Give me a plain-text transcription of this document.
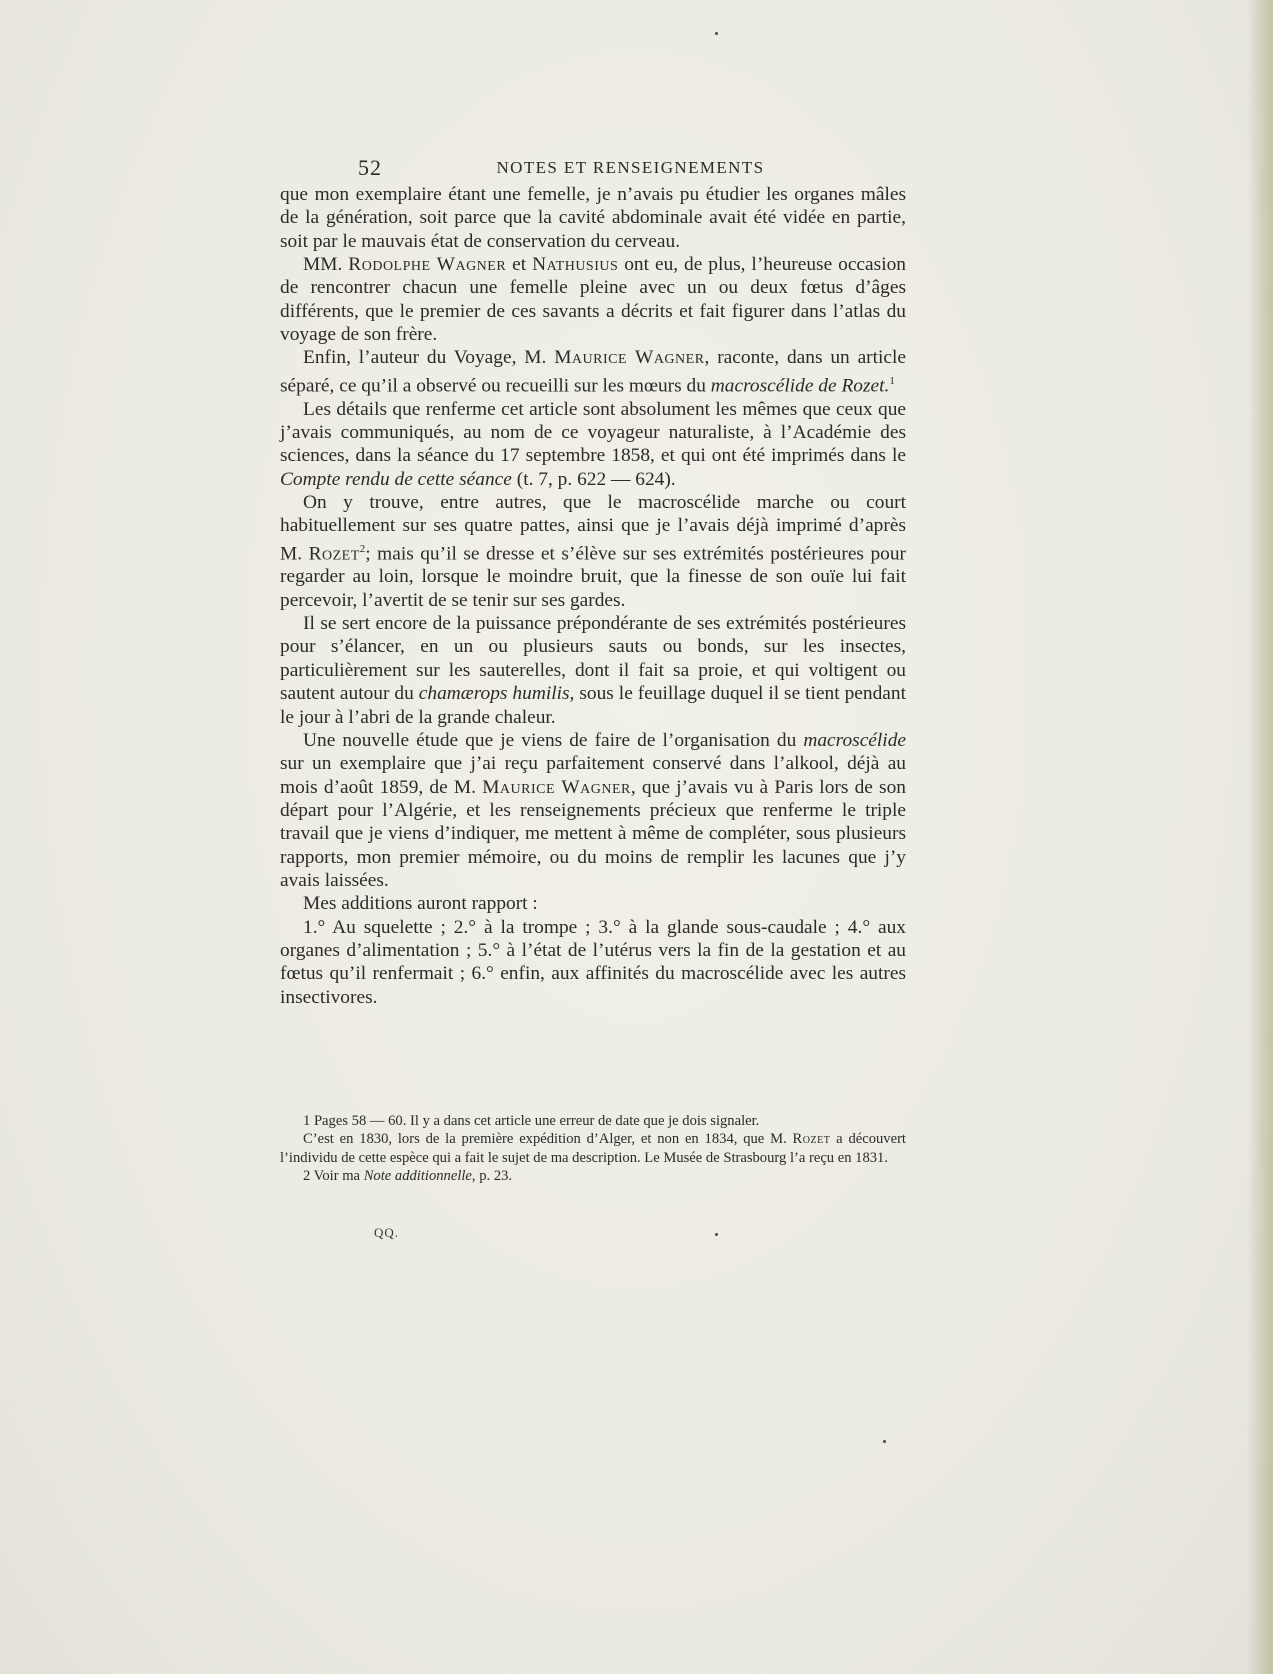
52	NOTES ET RENSEIGNEMENTS

que mon exemplaire étant une femelle, je n’avais pu étudier les organes mâles de la génération, soit parce que la cavité abdominale avait été vidée en partie, soit par le mauvais état de conservation du cerveau.

MM. Rodolphe Wagner et Nathusius ont eu, de plus, l’heureuse occasion de rencontrer chacun une femelle pleine avec un ou deux fœtus d’âges différents, que le premier de ces savants a décrits et fait figurer dans l’atlas du voyage de son frère.

Enfin, l’auteur du Voyage, M. Maurice Wagner, raconte, dans un article séparé, ce qu’il a observé ou recueilli sur les mœurs du macroscélide de Rozet.$^1$

Les détails que renferme cet article sont absolument les mêmes que ceux que j’avais communiqués, au nom de ce voyageur naturaliste, à l’Académie des sciences, dans la séance du 17 septembre 1858, et qui ont été imprimés dans le Compte rendu de cette séance (t. 7, p. 622 — 624).

On y trouve, entre autres, que le macroscélide marche ou court habituellement sur ses quatre pattes, ainsi que je l’avais déjà imprimé d’après M. Rozet$^2$; mais qu’il se dresse et s’élève sur ses extrémités postérieures pour regarder au loin, lorsque le moindre bruit, que la finesse de son ouïe lui fait percevoir, l’avertit de se tenir sur ses gardes.

Il se sert encore de la puissance prépondérante de ses extrémités postérieures pour s’élancer, en un ou plusieurs sauts ou bonds, sur les insectes, particulièrement sur les sauterelles, dont il fait sa proie, et qui voltigent ou sautent autour du chamærops humilis, sous le feuillage duquel il se tient pendant le jour à l’abri de la grande chaleur.

Une nouvelle étude que je viens de faire de l’organisation du macroscélide sur un exemplaire que j’ai reçu parfaitement conservé dans l’alkool, déjà au mois d’août 1859, de M. Maurice Wagner, que j’avais vu à Paris lors de son départ pour l’Algérie, et les renseignements précieux que renferme le triple travail que je viens d’indiquer, me mettent à même de compléter, sous plusieurs rapports, mon premier mémoire, ou du moins de remplir les lacunes que j’y avais laissées.

Mes additions auront rapport :

1.° Au squelette ; 2.° à la trompe ; 3.° à la glande sous-caudale ; 4.° aux organes d’alimentation ; 5.° à l’état de l’utérus vers la fin de la gestation et au fœtus qu’il renfermait ; 6.° enfin, aux affinités du macroscélide avec les autres insectivores.

1 Pages 58 — 60. Il y a dans cet article une erreur de date que je dois signaler.

C’est en 1830, lors de la première expédition d’Alger, et non en 1834, que M. Rozet a découvert l’individu de cette espèce qui a fait le sujet de ma description. Le Musée de Strasbourg l’a reçu en 1831.

2 Voir ma Note additionnelle, p. 23.

QQ.
